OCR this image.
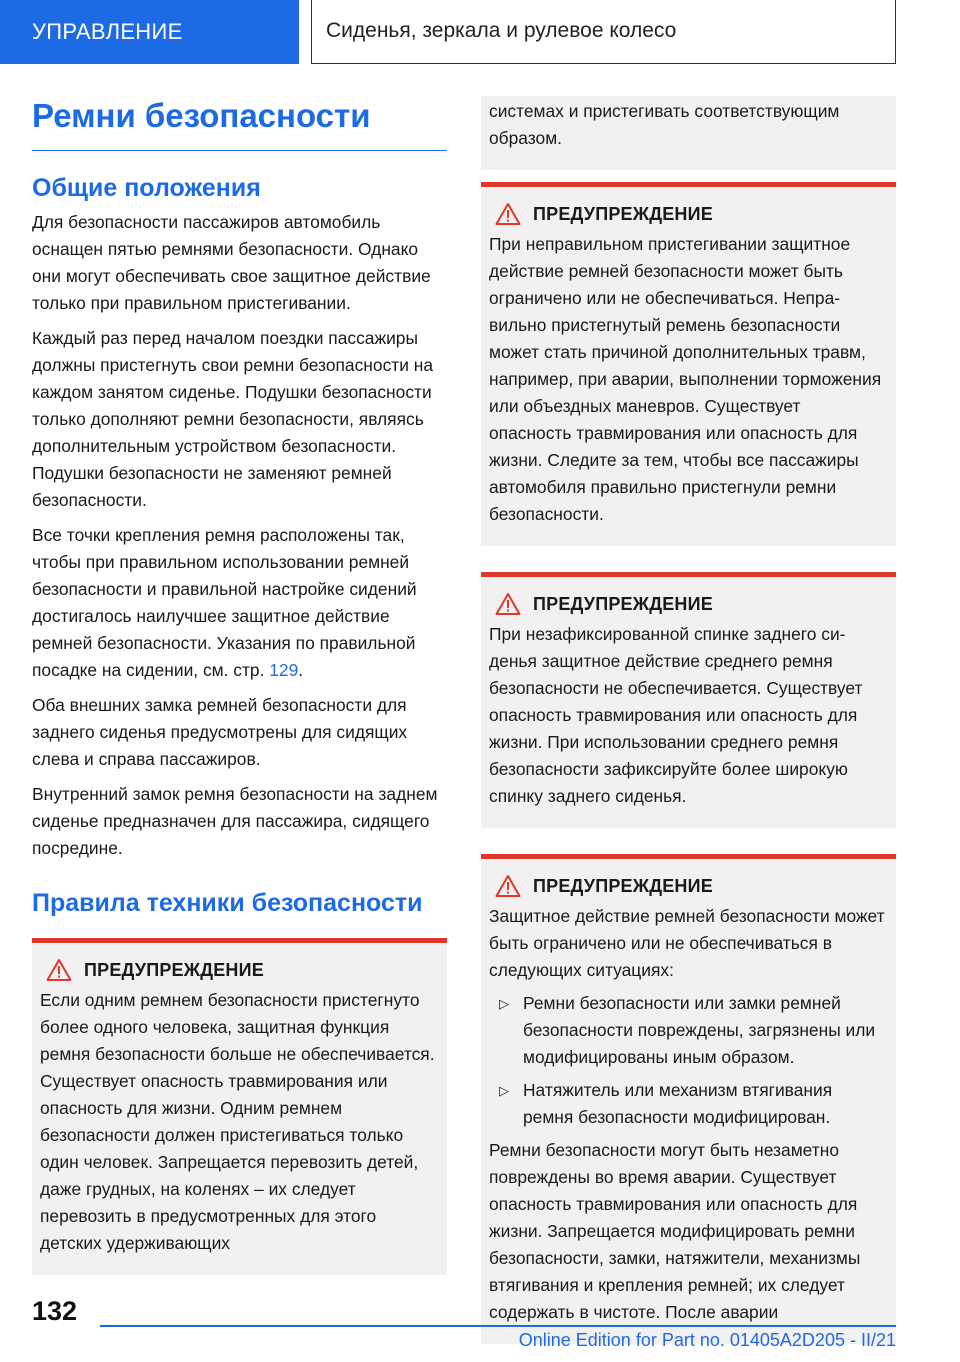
УПРАВЛЕНИЕ	Сиденья, зеркала и рулевое колесо
Ремни безопасности
Общие положения

Для безопасности пассажиров автомобиль оснащен пятью ремнями безопасности. Однако они могут обеспечивать свое защитное действие только при правильном пристегивании.

Каждый раз перед началом поездки пассажиры должны пристегнуть свои ремни безопасности на каждом занятом сиденье. Подушки безопасности только дополняют ремни безопасности, являясь дополнительным устройством безопасности. Подушки безопасности не заменяют ремней безопасности.

Все точки крепления ремня расположены так, чтобы при правильном использовании ремней безопасности и правильной настройке сидений достигалось наилучшее защитное действие ремней безопасности. Указания по правильной посадке на сидении, см. стр. 129.

Оба внешних замка ремней безопасности для заднего сиденья предусмотрены для сидящих слева и справа пассажиров.

Внутренний замок ремня безопасности на заднем сиденье предназначен для пассажира, сидящего посредине.

Правила техники безопасности
ПРЕДУПРЕЖДЕНИЕ

Если одним ремнем безопасности пристегнуто более одного человека, защитная функция ремня безопасности больше не обеспечивается. Существует опасность травмирования или опасность для жизни. Одним ремнем безопасности должен пристегиваться только один человек. Запрещается перевозить детей, даже грудных, на коленях – их следует перевозить в предусмотренных для этого детских удерживающих

системах и пристегивать соответствующим образом.

ПРЕДУПРЕЖДЕНИЕ

При неправильном пристегивании защитное действие ремней безопасности может быть ограничено или не обеспечиваться. Неправильно пристегнутый ремень безопасности может стать причиной дополнительных травм, например, при аварии, выполнении торможения или объездных маневров. Существует опасность травмирования или опасность для жизни. Следите за тем, чтобы все пассажиры автомобиля правильно пристегнули ремни безопасности.

ПРЕДУПРЕЖДЕНИЕ

При незафиксированной спинке заднего сиденья защитное действие среднего ремня безопасности не обеспечивается. Существует опасность травмирования или опасность для жизни. При использовании среднего ремня безопасности зафиксируйте более широкую спинку заднего сиденья.

ПРЕДУПРЕЖДЕНИЕ

Защитное действие ремней безопасности может быть ограничено или не обеспечиваться в следующих ситуациях:

▷ Ремни безопасности или замки ремней безопасности повреждены, загрязнены или модифицированы иным образом.
▷ Натяжитель или механизм втягивания ремня безопасности модифицирован.

Ремни безопасности могут быть незаметно повреждены во время аварии. Существует опасность травмирования или опасность для жизни. Запрещается модифицировать ремни безопасности, замки, натяжители, механизмы втягивания и крепления ремней; их следует содержать в чистоте. После аварии

132
Online Edition for Part no. 01405A2D205 - II/21
